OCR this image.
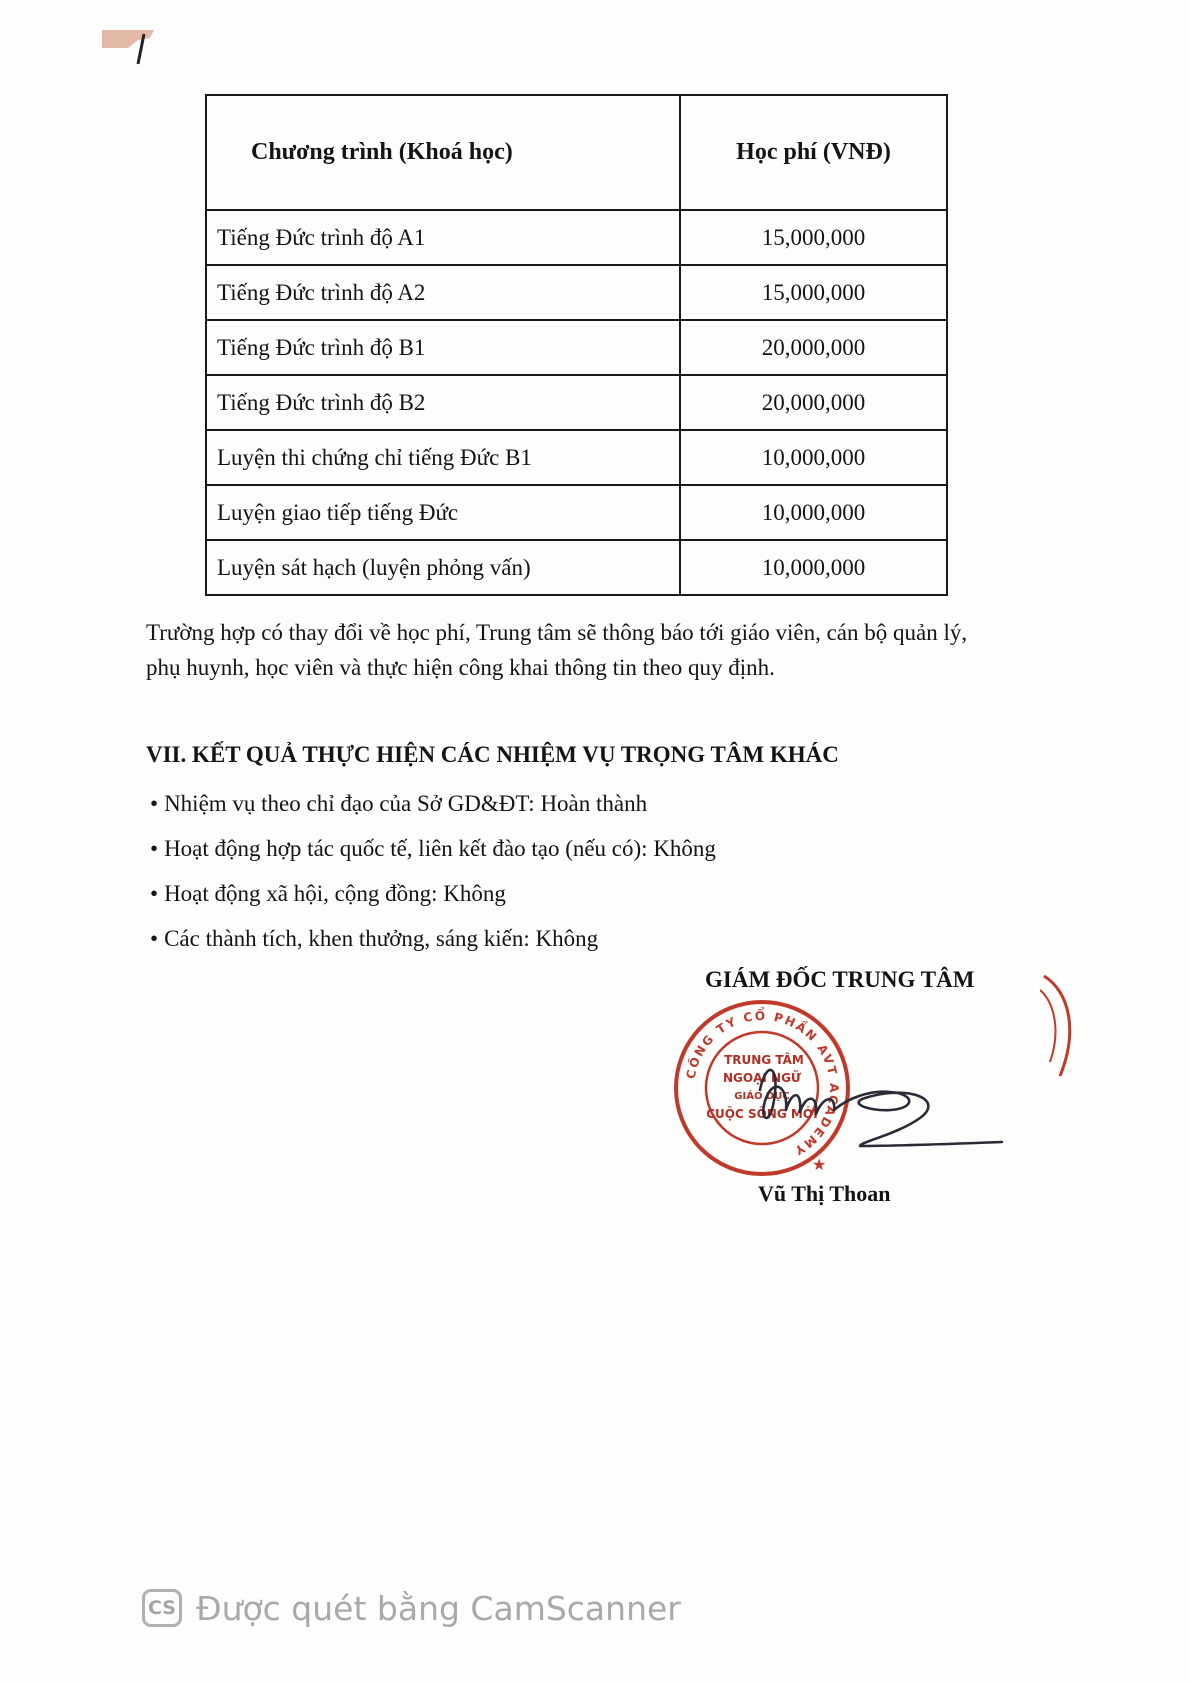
Chương trình (Khoá học)	Học phí (VNĐ)
Tiếng Đức trình độ A1	15,000,000
Tiếng Đức trình độ A2	15,000,000
Tiếng Đức trình độ B1	20,000,000
Tiếng Đức trình độ B2	20,000,000
Luyện thi chứng chỉ tiếng Đức B1	10,000,000
Luyện giao tiếp tiếng Đức	10,000,000
Luyện sát hạch (luyện phỏng vấn)	10,000,000

Trường hợp có thay đổi về học phí, Trung tâm sẽ thông báo tới giáo viên, cán bộ quản lý,
phụ huynh, học viên và thực hiện công khai thông tin theo quy định.

VII. KẾT QUẢ THỰC HIỆN CÁC NHIỆM VỤ TRỌNG TÂM KHÁC
• Nhiệm vụ theo chỉ đạo của Sở GD&ĐT: Hoàn thành
• Hoạt động hợp tác quốc tế, liên kết đào tạo (nếu có): Không
• Hoạt động xã hội, cộng đồng: Không
• Các thành tích, khen thưởng, sáng kiến: Không

GIÁM ĐỐC TRUNG TÂM

CÔNG TY CỔ PHẦN AVT ACADEMY
★
TRUNG TÂM
NGOẠI NGỮ
GIÁO DỤC
CUỘC SỐNG MỚI

Vũ Thị Thoan

CS Được quét bằng CamScanner
